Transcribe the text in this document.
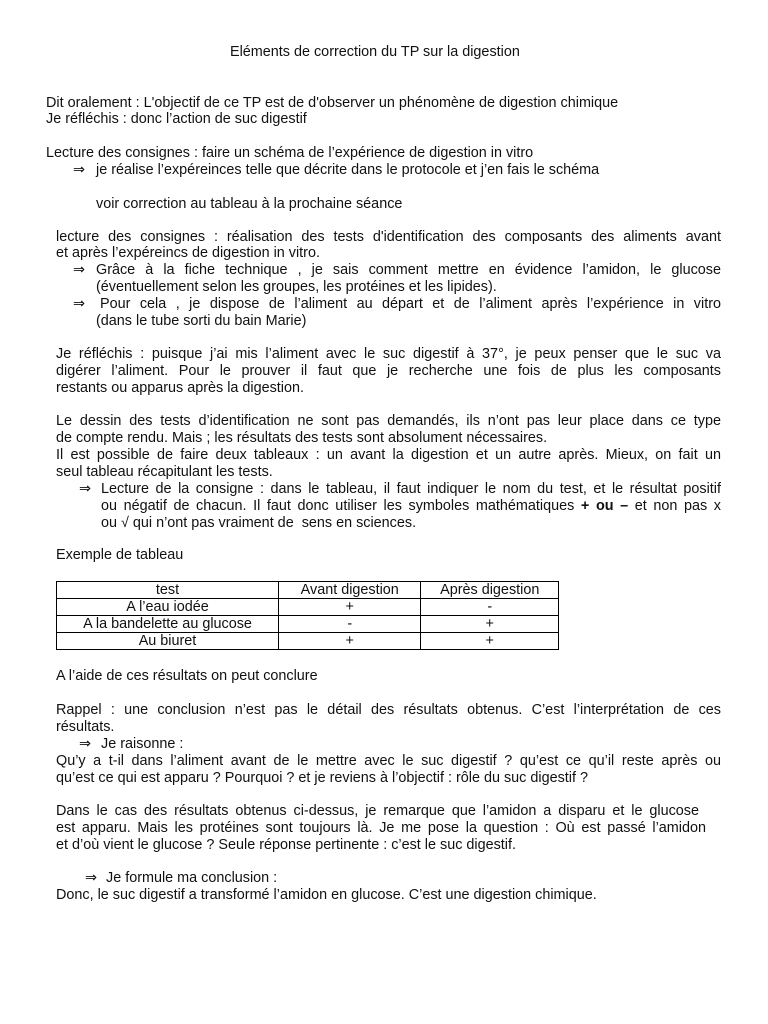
Eléments de correction du TP sur la digestion
Dit oralement : L'objectif de ce TP est de d'observer un phénomène de digestion chimique
Je réfléchis : donc l’action de suc digestif
Lecture des consignes : faire un schéma de l’expérience de digestion in vitro
⇒ je réalise l’expéreinces telle que décrite dans le protocole et j’en fais le schéma
voir correction au tableau à la prochaine séance
lecture des consignes : réalisation des tests d'identification des composants des aliments avant
et après l’expéreincs de digestion in vitro.
⇒ Grâce à la fiche technique , je sais comment mettre en évidence l’amidon, le glucose
(éventuellement selon les groupes, les protéines et les lipides).
⇒ Pour cela , je dispose de l’aliment au départ et de l’aliment après l’expérience in vitro
(dans le tube sorti du bain Marie)
Je réfléchis : puisque j’ai mis l’aliment avec le suc digestif à 37°, je peux penser que le suc va
digérer l’aliment. Pour le prouver il faut que je recherche une fois de plus les composants
restants ou apparus après la digestion.
Le dessin des tests d’identification ne sont pas demandés, ils n’ont pas leur place dans ce type
de compte rendu. Mais ; les résultats des tests sont absolument nécessaires.
Il est possible de faire deux tableaux : un avant la digestion et un autre après. Mieux, on fait un
seul tableau récapitulant les tests.
⇒ Lecture de la consigne : dans le tableau, il faut indiquer le nom du test, et le résultat positif
ou négatif de chacun. Il faut donc utiliser les symboles mathématiques + ou – et non pas x
ou √ qui n’ont pas vraiment de  sens en sciences.
Exemple de tableau
test	Avant digestion	Après digestion
A l’eau iodée	+	-
A la bandelette au glucose	-	+
Au biuret	+	+
A l’aide de ces résultats on peut conclure
Rappel : une conclusion n’est pas le détail des résultats obtenus. C’est l’interprétation de ces
résultats.
⇒ Je raisonne :
Qu’y a t-il dans l’aliment avant de le mettre avec le suc digestif ? qu’est ce qu’il reste après ou
qu’est ce qui est apparu ? Pourquoi ? et je reviens à l’objectif : rôle du suc digestif ?
Dans le cas des résultats obtenus ci-dessus, je remarque que l’amidon a disparu et le glucose
est apparu. Mais les protéines sont toujours là. Je me pose la question : Où est passé l’amidon
et d’où vient le glucose ? Seule réponse pertinente : c’est le suc digestif.
⇒ Je formule ma conclusion :
Donc, le suc digestif a transformé l’amidon en glucose. C’est une digestion chimique.
